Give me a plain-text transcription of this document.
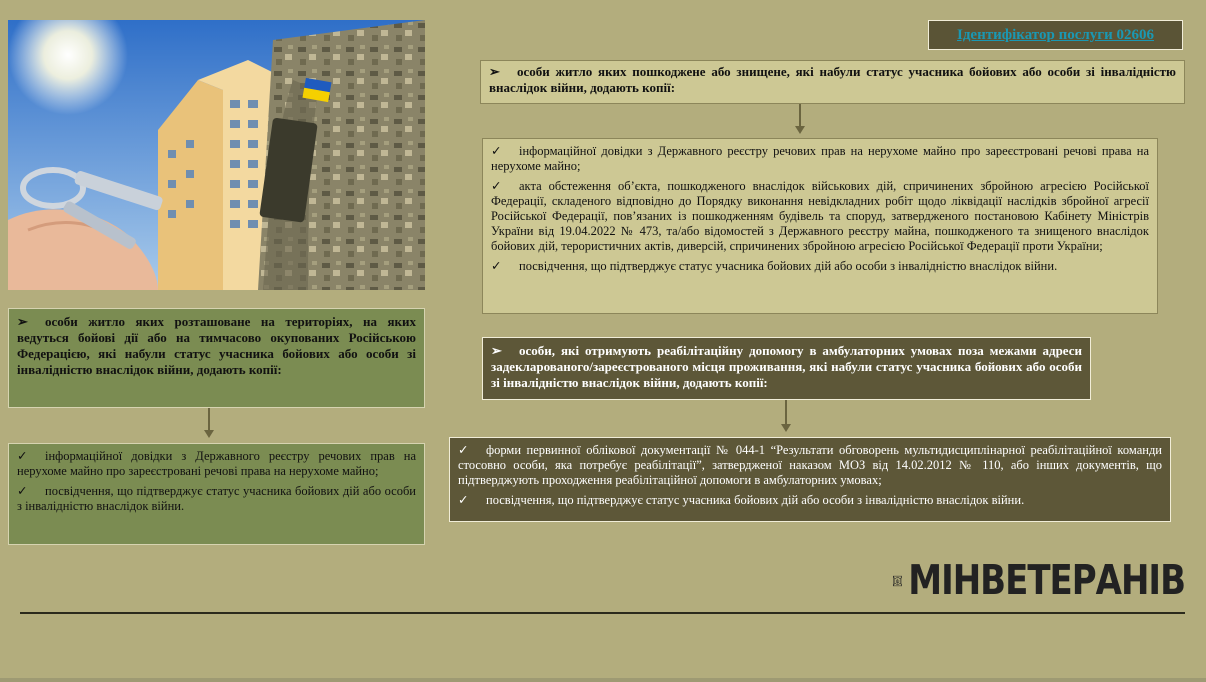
Ідентифікатор послуги 02606
➢ особи житло яких пошкоджене або знищене, які набули статус учасника бойових або особи зі інвалідністю внаслідок війни, додають копії:

✓ інформаційної довідки з Державного реєстру речових прав на нерухоме майно про зареєстровані речові права на нерухоме майно;

✓ акта обстеження об’єкта, пошкодженого внаслідок військових дій, спричинених збройною агресією Російської Федерації, складеного відповідно до Порядку виконання невідкладних робіт щодо ліквідації наслідків збройної агресії Російської Федерації, пов’язаних із пошкодженням будівель та споруд, затвердженого постановою Кабінету Міністрів України від 19.04.2022 № 473, та/або відомостей з Державного реєстру майна, пошкодженого та знищеного внаслідок бойових дій, терористичних актів, диверсій, спричинених збройною агресією Російської Федерації проти України;

✓ посвідчення, що підтверджує статус учасника бойових дій або особи з інвалідністю внаслідок війни.

➢ особи житло яких розташоване на територіях, на яких ведуться бойові дії або на тимчасово окупованих Російською Федерацією, які набули статус учасника бойових або особи зі інвалідністю внаслідок війни, додають копії:

✓ інформаційної довідки з Державного реєстру речових прав на нерухоме майно про зареєстровані речові права на нерухоме майно;

✓ посвідчення, що підтверджує статус учасника бойових дій або особи з інвалідністю внаслідок війни.

➢ особи, які отримують реабілітаційну допомогу в амбулаторних умовах поза межами адреси задекларованого/зареєстрованого місця проживання, які набули статус учасника бойових або особи зі інвалідністю внаслідок війни, додають копії:

✓ форми первинної облікової документації № 044-1 “Результати обговорень мультидисциплінарної реабілітаційної команди стосовно особи, яка потребує реабілітації”, затвердженої наказом МОЗ від 14.02.2012 № 110, або інших документів, що підтверджують проходження реабілітаційної допомоги в амбулаторних умовах;

✓ посвідчення, що підтверджує статус учасника бойових дій або особи з інвалідністю внаслідок війни.

МІНВЕТЕРАНІВ
